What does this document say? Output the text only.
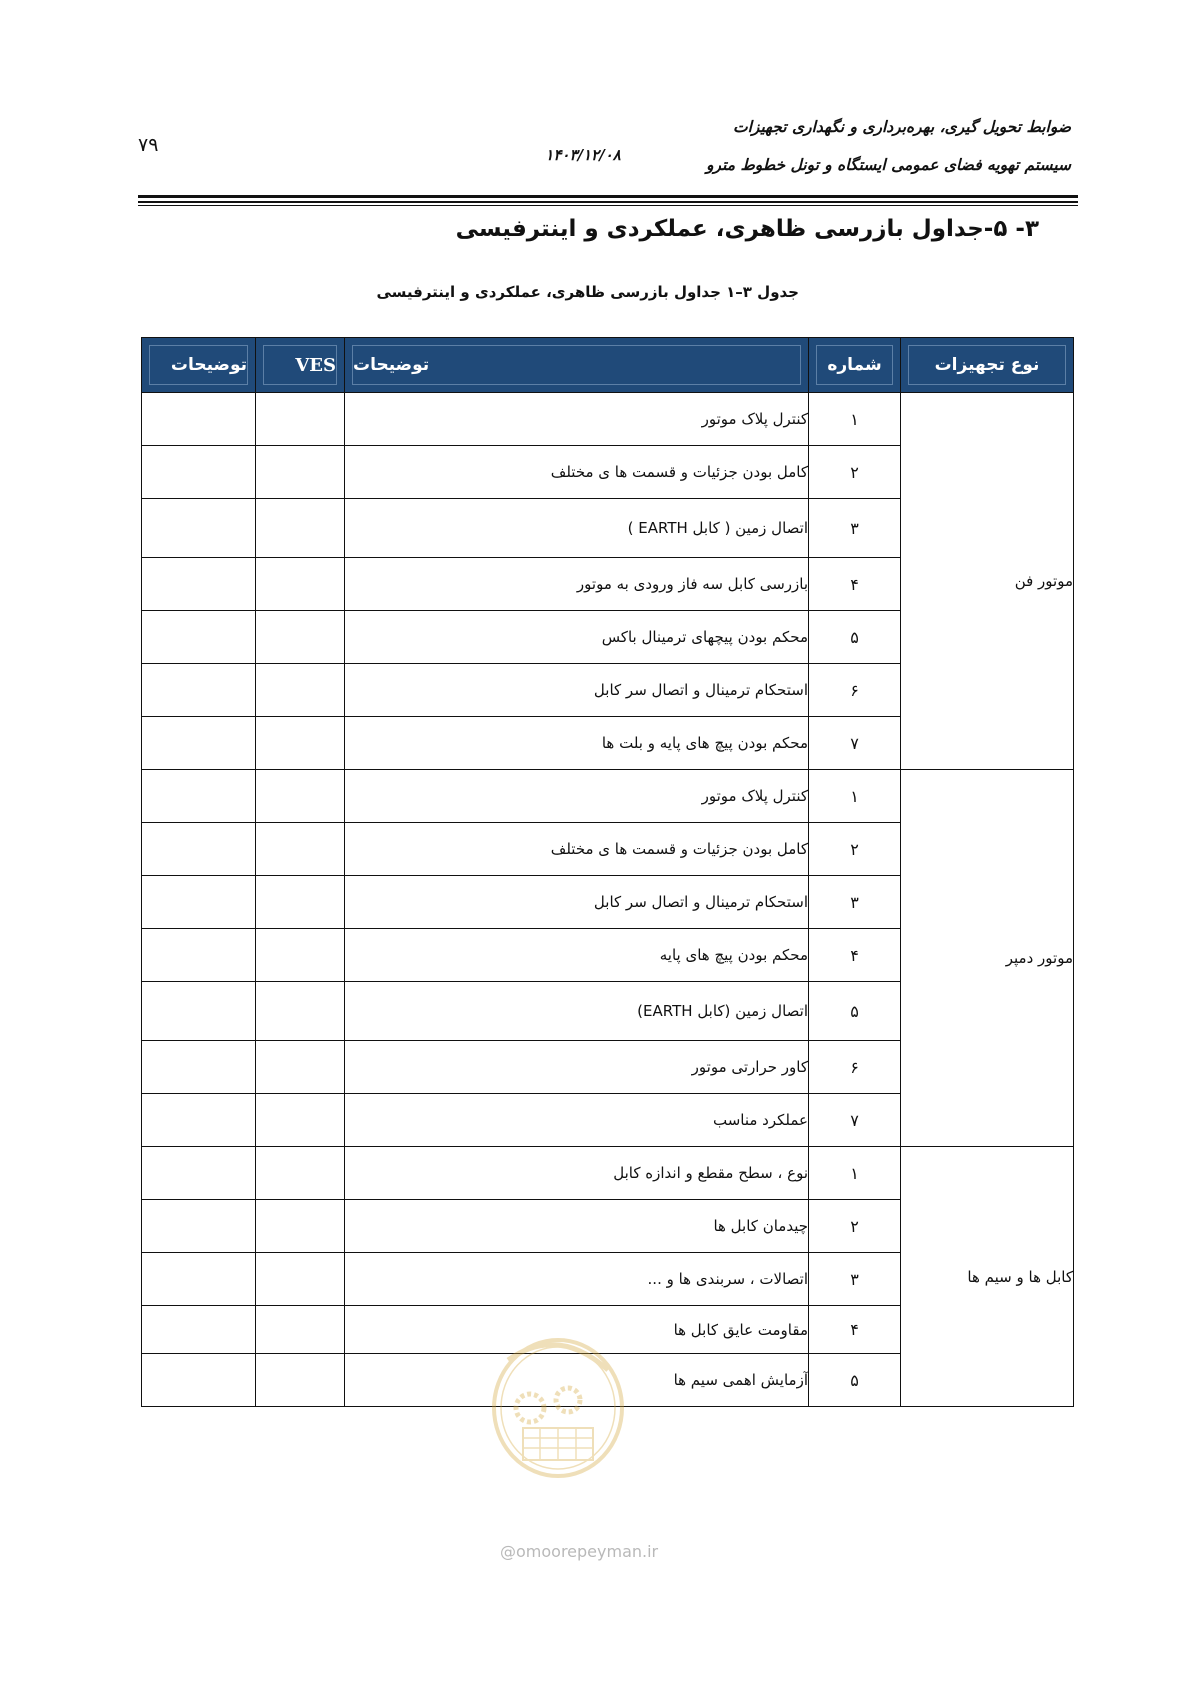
ضوابط تحویل گیری، بهره‌برداری و نگهداری تجهیزات
سیستم تهویه فضای عمومی ایستگاه و تونل خطوط مترو
۱۴۰۳/۱۲/۰۸
۷۹
۳- ۵-جداول بازرسی ظاهری، عملکردی و اینترفیسی
جدول ۳–۱ جداول بازرسی ظاهری، عملکردی و اینترفیسی
توضیحات	VES	توضیحات	شماره	نوع تجهیزات

		کنترل پلاک موتور	۱	موتور فن
		کامل بودن جزئیات و قسمت ها ی مختلف	۲	
		اتصال زمین ( کابل EARTH )	۳	
		بازرسی کابل سه فاز ورودی به موتور	۴	
		محکم بودن پیچهای ترمینال باکس	۵	
		استحکام ترمینال و اتصال سر کابل	۶	
		محکم بودن پیچ های پایه و بلت ها	۷	
		کنترل پلاک موتور	۱	موتور دمپر
		کامل بودن جزئیات و قسمت ها ی مختلف	۲	
		استحکام ترمینال و اتصال سر کابل	۳	
		محکم بودن پیچ های پایه	۴	
		اتصال زمین (کابل EARTH)	۵	
		کاور حرارتی موتور	۶	
		عملکرد مناسب	۷	
		نوع ، سطح مقطع و اندازه کابل	۱	کابل ها و سیم ها
		چیدمان کابل ها	۲	
		اتصالات ، سربندی ها و ...	۳	
		مقاومت عایق کابل ها	۴	
		آزمایش اهمی سیم ها	۵	
@omoorepeyman.ir
